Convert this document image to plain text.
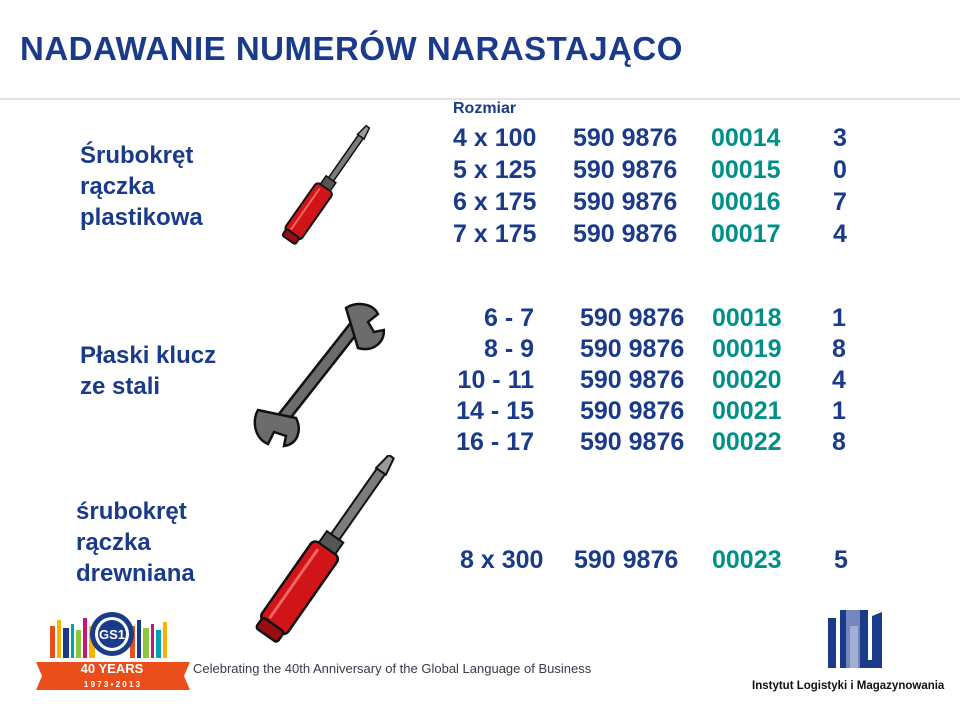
NADAWANIE NUMERÓW NARASTAJĄCO
Rozmiar
Śrubokręt
rączka
plastikowa
Płaski klucz
ze stali
śrubokręt
rączka
drewniana
4 x 100 590 9876 00014 3
5 x 125 590 9876 00015 0
6 x 175 590 9876 00016 7
7 x 175 590 9876 00017 4
6 - 7 590 9876 00018 1
8 - 9 590 9876 00019 8
10 - 11 590 9876 00020 4
14 - 15 590 9876 00021 1
16 - 17 590 9876 00022 8
8 x 300 590 9876 00023 5
GS1
40 YEARS
1 9 7 3 • 2 0 1 3
Celebrating the 40th Anniversary of the Global Language of Business
Instytut Logistyki i Magazynowania
